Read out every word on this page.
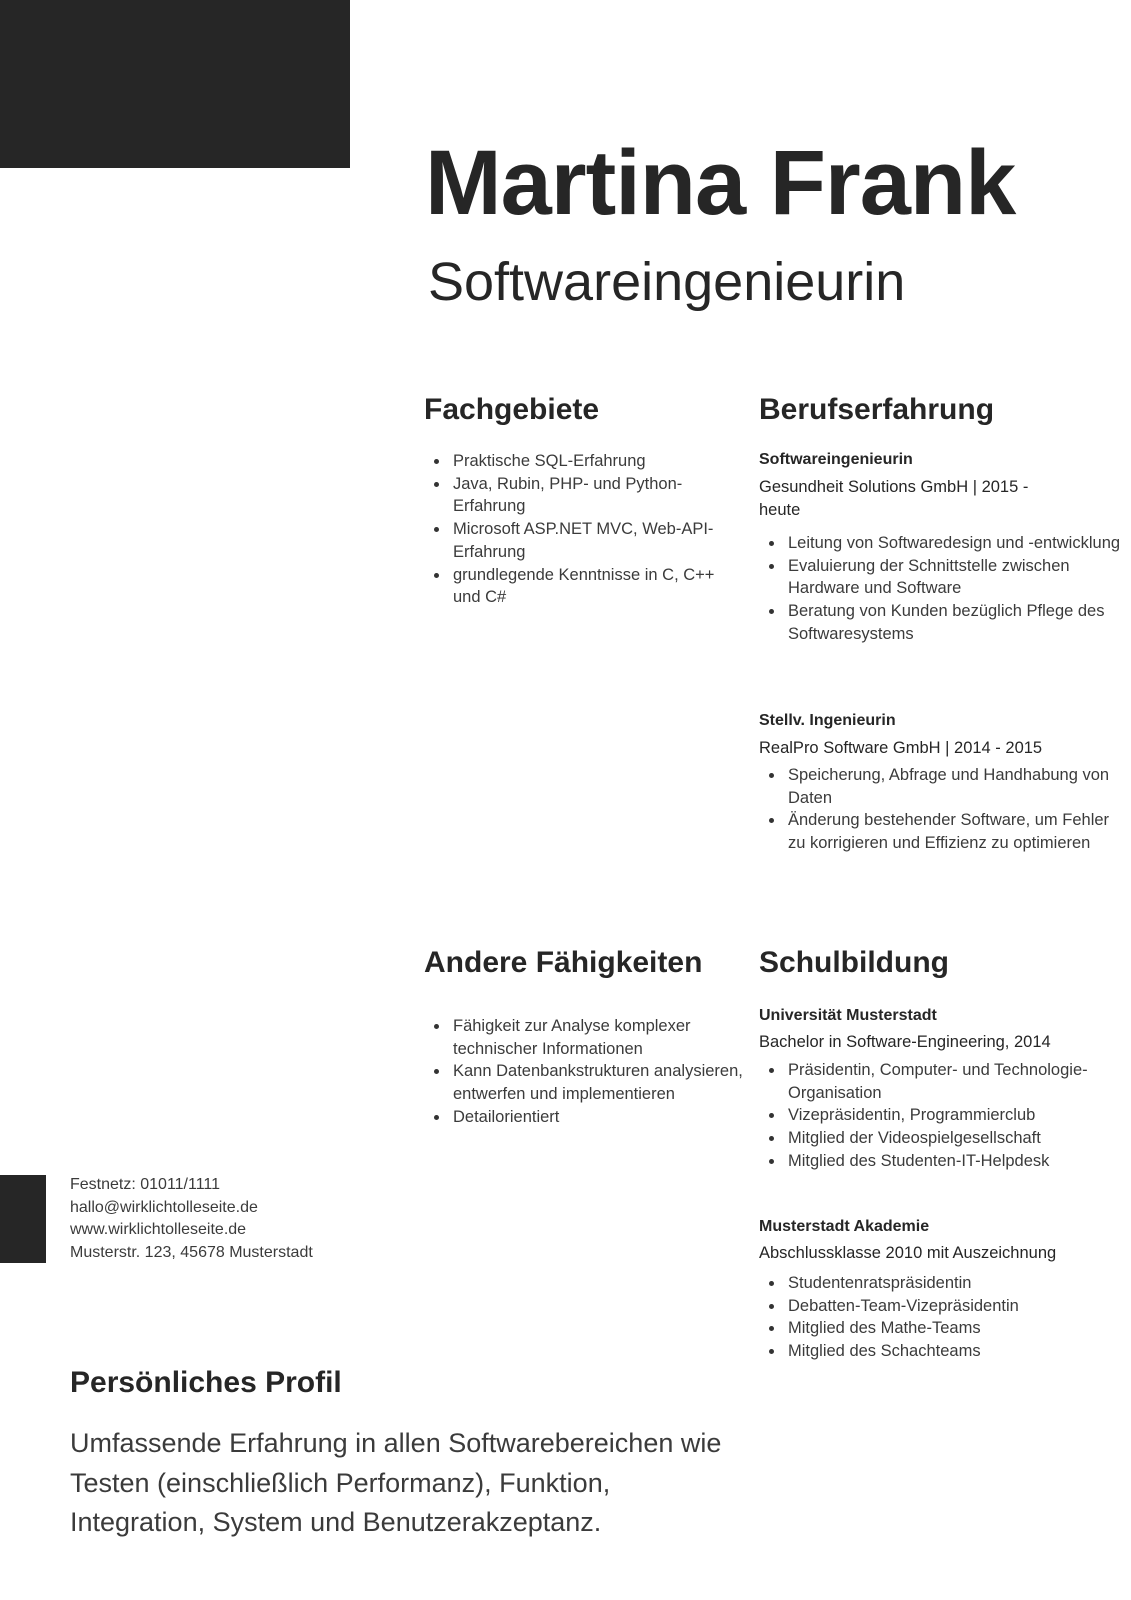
Martina Frank
Softwareingenieurin
Fachgebiete
Praktische SQL-Erfahrung
Java, Rubin, PHP- und Python-Erfahrung
Microsoft ASP.NET MVC, Web-API-Erfahrung
grundlegende Kenntnisse in C, C++ und C#
Berufserfahrung
Softwareingenieurin
Gesundheit Solutions GmbH | 2015 - heute
Leitung von Softwaredesign und -entwicklung
Evaluierung der Schnittstelle zwischen Hardware und Software
Beratung von Kunden bezüglich Pflege des Softwaresystems
Stellv. Ingenieurin
RealPro Software GmbH | 2014 - 2015
Speicherung, Abfrage und Handhabung von Daten
Änderung bestehender Software, um Fehler zu korrigieren und Effizienz zu optimieren
Andere Fähigkeiten
Fähigkeit zur Analyse komplexer technischer Informationen
Kann Datenbankstrukturen analysieren, entwerfen und implementieren
Detailorientiert
Schulbildung
Universität Musterstadt
Bachelor in Software-Engineering, 2014
Präsidentin, Computer- und Technologie-Organisation
Vizepräsidentin, Programmierclub
Mitglied der Videospielgesellschaft
Mitglied des Studenten-IT-Helpdesk
Musterstadt Akademie
Abschlussklasse 2010 mit Auszeichnung
Studentenratspräsidentin
Debatten-Team-Vizepräsidentin
Mitglied des Mathe-Teams
Mitglied des Schachteams
Festnetz: 01011/1111
hallo@wirklichtolleseite.de
www.wirklichtolleseite.de
Musterstr. 123, 45678 Musterstadt
Persönliches Profil

Umfassende Erfahrung in allen Softwarebereichen wie Testen (einschließlich Performanz), Funktion, Integration, System und Benutzerakzeptanz.
